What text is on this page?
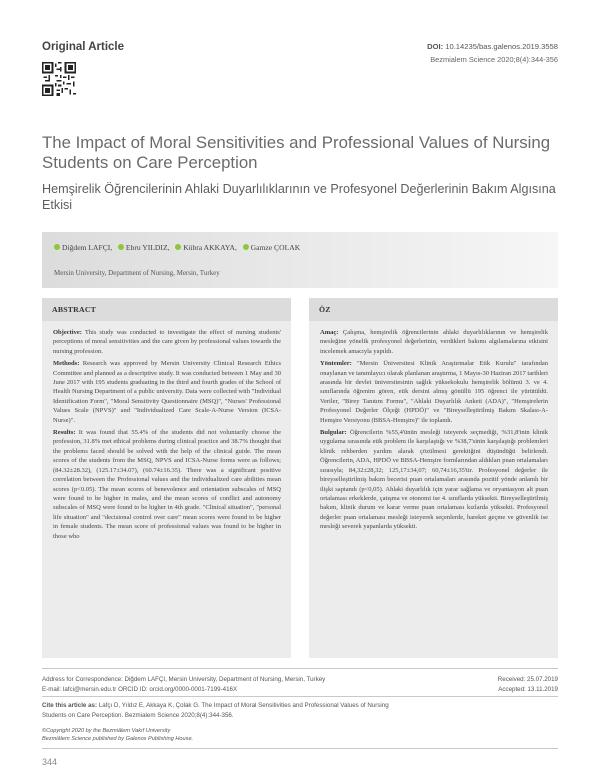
Original Article	DOI: 10.14235/bas.galenos.2019.3558
Bezmialem Science 2020;8(4):344-356
The Impact of Moral Sensitivities and Professional Values of Nursing Students on Care Perception
Hemşirelik Öğrencilerinin Ahlaki Duyarlılıklarının ve Profesyonel Değerlerinin Bakım Algısına Etkisi
Diğdem LAFÇI, Ebru YILDIZ, Kübra AKKAYA, Gamze ÇOLAK
Mersin University, Department of Nursing, Mersin, Turkey
ABSTRACT

Objective: This study was conducted to investigate the effect of nursing students' perceptions of moral sensitivities and the care given by professional values towards the nursing profession.

Methods: Research was approved by Mersin University Clinical Research Ethics Committee and planned as a descriptive study. It was conducted between 1 May and 30 June 2017 with 195 students graduating in the third and fourth grades of the School of Health Nursing Department of a public university. Data were collected with "Individual Identification Form", "Moral Sensitivity Questionnaire (MSQ)", "Nurses' Professional Values Scale (NPVS)" and "Individualized Care Scale-A-Nurse Version (ICSA-Nurse)".

Results: It was found that 55.4% of the students did not voluntarily choose the profession, 31.8% met ethical problems during clinical practice and 38.7% thought that the problems faced should be solved with the help of the clinical guide. The mean scores of the students from the MSQ, NPVS and ICSA-Nurse forms were as follows; (84.32±28.32), (125.17±34.07), (60.74±16.35). There was a significant positive correlation between the Professional values and the individualized care abilities mean scores (p<0.05). The mean scores of benevolence and orientation subscales of MSQ were found to be higher in males, and the mean scores of conflict and autonomy subscales of MSQ were found to be higher in 4th grade. "Clinical situation", "personal life situation" and "decisional control over care" mean scores were found to be higher in female students. The mean score of professional values was found to be higher in those who

ÖZ

Amaç: Çalışma, hemşirelik öğrencilerinin ahlaki duyarlılıklarının ve hemşirelik mesleğine yönelik profesyonel değerlerinin, verdikleri bakımı algılamalarına etkisini incelemek amacıyla yapıldı.

Yöntemler: "Mersin Üniversitesi Klinik Araştırmalar Etik Kurulu" tarafından onaylanan ve tanımlayıcı olarak planlanan araştırma, 1 Mayıs-30 Haziran 2017 tarihleri arasında bir devlet üniversitesinin sağlık yüksekokulu hemşirelik bölümü 3. ve 4. sınıflarında öğrenim gören, etik dersini almış gönüllü 195 öğrenci ile yürütüldü. Veriler, "Birey Tanıtım Formu", "Ahlaki Duyarlılık Anketi (ADA)", "Hemşirelerin Profesyonel Değerler Ölçeği (HPDÖ)" ve "Bireyselleştirilmiş Bakım Skalası-A-Hemşire Versiyonu (BBSA-Hemşire)" ile toplandı.

Bulgular: Öğrencilerin %55,4'ünün mesleği isteyerek seçmediği, %31,8'inin klinik uygulama sırasında etik problem ile karşılaştığı ve %38,7'sinin karşılaştığı problemleri klinik rehberden yardım alarak çözülmesi gerektiğini düşündüğü belirlendi. Öğrencilerin, ADA, HPDÖ ve BBSA-Hemşire formlarından aldıkları puan ortalamaları sırasıyla; 84,32±28,32; 125,17±34,07; 60,74±16,35'tir. Profesyonel değerler ile bireyselleştirilmiş bakım becerisi puan ortalamaları arasında pozitif yönde anlamlı bir ilişki saptandı (p<0,05). Ahlaki duyarlılık için yarar sağlama ve oryantasyon alt puan ortalaması erkeklerde, çatışma ve otonomi ise 4. sınıflarda yüksekti. Bireyselleştirilmiş bakım, klinik durum ve karar verme puan ortalaması kızlarda yüksekti. Profesyonel değerler puan ortalaması mesleği isteyerek seçenlerde, hareket geçme ve güvenlik ise mesleği severek yapanlarda yüksekti.

Address for Correspondence: Diğdem LAFÇI, Mersin University, Department of Nursing, Mersin, Turkey
E-mail: lafci@mersin.edu.tr ORCID ID: orcid.org/0000-0001-7199-416X
Received: 25.07.2019
Accepted: 13.11.2019
Cite this article as: Lafçı D, Yıldız E, Akkaya K, Çolak G. The Impact of Moral Sensitivities and Professional Values of Nursing Students on Care Perception. Bezmialem Science 2020;8(4):344-356.
©Copyright 2020 by the Bezmiâlem Vakıf University
Bezmiâlem Science published by Galenos Publishing House.
344
